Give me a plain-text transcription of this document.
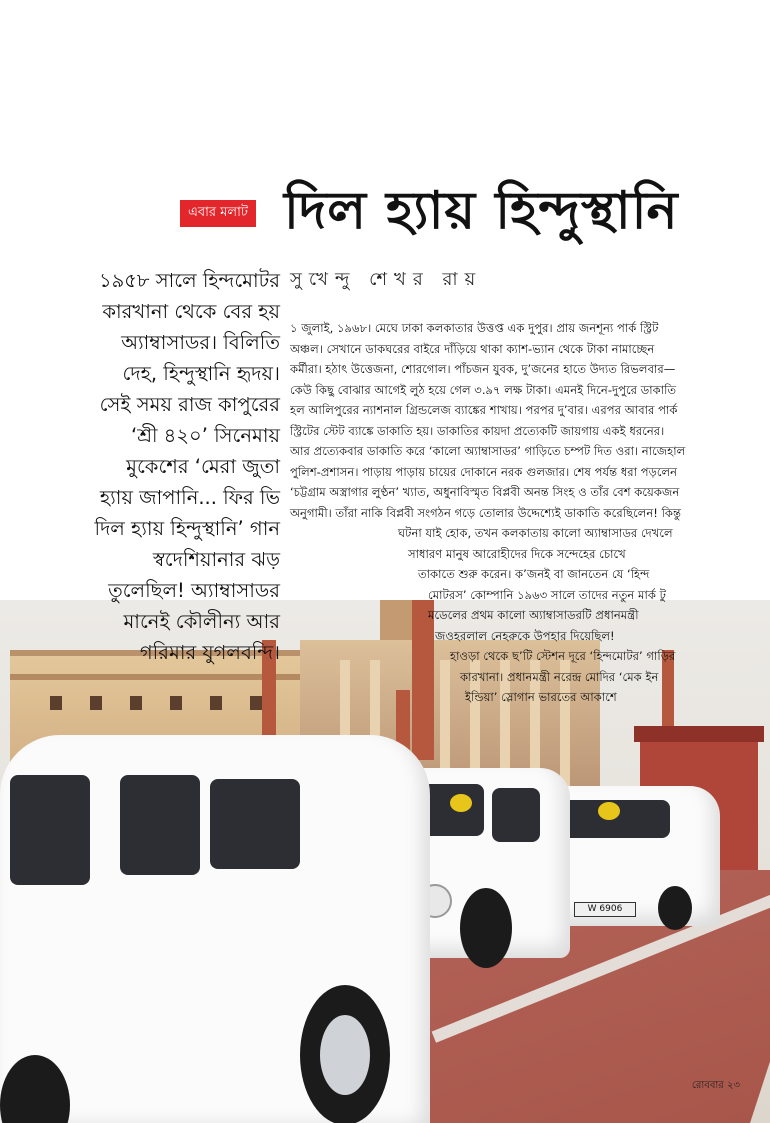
W 6906
এবার মলাট দিল হ্যায় হিন্দুস্থানি
সুখেন্দু শেখর রায়
১৯৫৮ সালে হিন্দমোটর
কারখানা থেকে বের হয়
অ্যাম্বাসাডর। বিলিতি
দেহ, হিন্দুস্থানি হৃদয়।
সেই সময় রাজ কাপুরের
‘শ্রী ৪২০’ সিনেমায়
মুকেশের ‘মেরা জুতা
হ্যায় জাপানি... ফির ভি
দিল হ্যায় হিন্দুস্থানি’ গান
স্বদেশিয়ানার ঝড়
তুলেছিল! অ্যাম্বাসাডর
মানেই কৌলীন্য আর
গরিমার যুগলবন্দি।
১ জুলাই, ১৯৬৮। মেঘে ঢাকা কলকাতার উত্তপ্ত এক দুপুর। প্রায় জনশূন্য পার্ক স্ট্রিট
অঞ্চল। সেখানে ডাকঘরের বাইরে দাঁড়িয়ে থাকা ক্যাশ-ভ্যান থেকে টাকা নামাচ্ছেন
কর্মীরা। হঠাৎ উত্তেজনা, শোরগোল। পাঁচজন যুবক, দু’জনের হাতে উদ্যত রিভলবার—
কেউ কিছু বোঝার আগেই লুঠ হয়ে গেল ৩.৯৭ লক্ষ টাকা। এমনই দিনে-দুপুরে ডাকাতি
হল আলিপুরের ন্যাশনাল গ্রিন্ডলেজ ব্যাঙ্কের শাখায়। পরপর দু’বার। এরপর আবার পার্ক
স্ট্রিটের স্টেট ব্যাঙ্কে ডাকাতি হয়। ডাকাতির কায়দা প্রত্যেকটি জায়গায় একই ধরনের।
আর প্রত্যেকবার ডাকাতি করে ‘কালো অ্যাম্বাসাডর’ গাড়িতে চম্পট দিত ওরা। নাজেহাল
পুলিশ-প্রশাসন। পাড়ায় পাড়ায় চায়ের দোকানে নরক গুলজার। শেষ পর্যন্ত ধরা পড়লেন
‘চট্টগ্রাম অস্ত্রাগার লুণ্ঠন’ খ্যাত, অধুনাবিস্মৃত বিপ্লবী অনন্ত সিংহ ও তাঁর বেশ কয়েকজন
অনুগামী। তাঁরা নাকি বিপ্লবী সংগঠন গড়ে তোলার উদ্দেশ্যেই ডাকাতি করেছিলেন! কিন্তু
ঘটনা যাই হোক, তখন কলকাতায় কালো অ্যাম্বাসাডর দেখলে
সাধারণ মানুষ আরোহীদের দিকে সন্দেহের চোখে
তাকাতে শুরু করেন। ক’জনই বা জানতেন যে ‘হিন্দ
মোটরস’ কোম্পানি ১৯৬৩ সালে তাদের নতুন মার্ক টু
মডেলের প্রথম কালো অ্যাম্বাসাডরটি প্রধানমন্ত্রী
জওহরলাল নেহরুকে উপহার দিয়েছিল!
হাওড়া থেকে ছ’টি স্টেশন দূরে ‘হিন্দমোটর’ গাড়ির
কারখানা। প্রধানমন্ত্রী নরেন্দ্র মোদির ‘মেক ইন
ইন্ডিয়া’ স্লোগান ভারতের আকাশে
রোববার ২৩
